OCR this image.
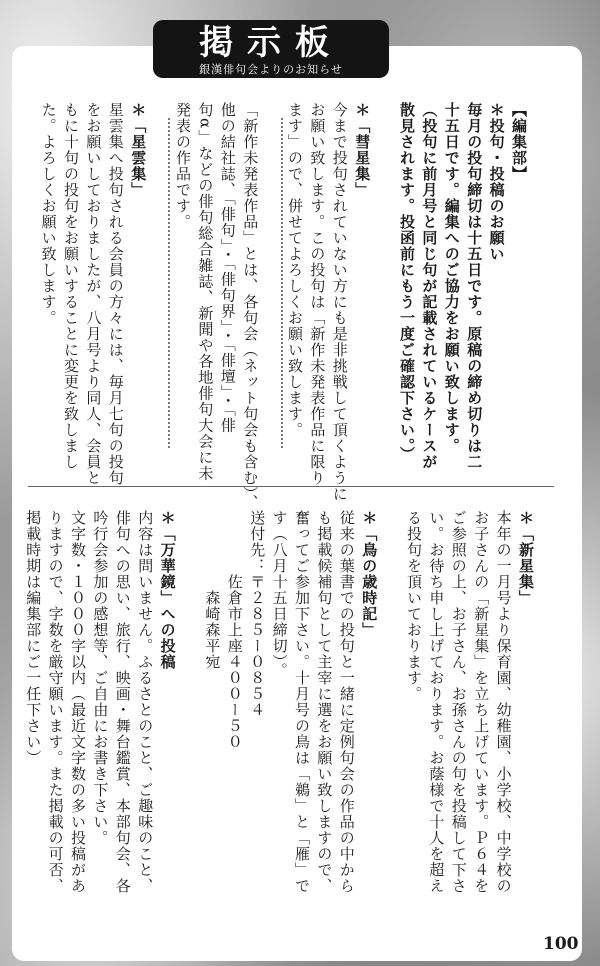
掲示板
銀漢俳句会よりのお知らせ
【編集部】
＊投句・投稿のお願い
毎月の投句締切は十五日です。原稿の締め切りは二
十五日です。編集へのご協力をお願い致します。
（投句に前月号と同じ句が記載されているケースが
散見されます。投函前にもう一度ご確認下さい。）
＊「彗星集」
今まで投句されていない方にも是非挑戦して頂くように
お願い致します。この投句は「新作未発表作品に限り
ます」ので、併せてよろしくお願い致します。
「新作未発表作品」とは、各句会（ネット句会も含む）、
他の結社誌、「俳句」・「俳句界」・「俳壇」・「俳
句α」などの俳句総合雑誌、新聞や各地俳句大会に未
発表の作品です。
＊「星雲集」
星雲集へ投句される会員の方々には、毎月七句の投句
をお願いしておりましたが、八月号より同人、会員と
もに十句の投句をお願いすることに変更を致しまし
た。よろしくお願い致します。
＊「新星集」
本年の一月号より保育園、幼稚園、小学校、中学校の
お子さんの「新星集」を立ち上げています。Ｐ６４を
ご参照の上、お子さん、お孫さんの句を投稿して下さ
い。お待ち申し上げております。お蔭様で十人を超え
る投句を頂いております。
＊「鳥の歳時記」
従来の葉書での投句と一緒に定例句会の作品の中から
も掲載候補句として主宰に選をお願い致しますので、
奮ってご参加下さい。十月号の鳥は「鵜」と「雁」で
す（八月十五日締切）。
送付先：〒２８５ー０８５４
　　　　佐倉市上座４００ー５０
　　　　　森崎森平宛
＊「万華鏡」への投稿
内容は問いません。ふるさとのこと、ご趣味のこと、
俳句への思い、旅行、映画・舞台鑑賞、本部句会、各
吟行会参加の感想等、ご自由にお書き下さい。
文字数・１０００字以内（最近文字数の多い投稿があ
りますので、字数を厳守願います。また掲載の可否、
掲載時期は編集部にご一任下さい）
100
